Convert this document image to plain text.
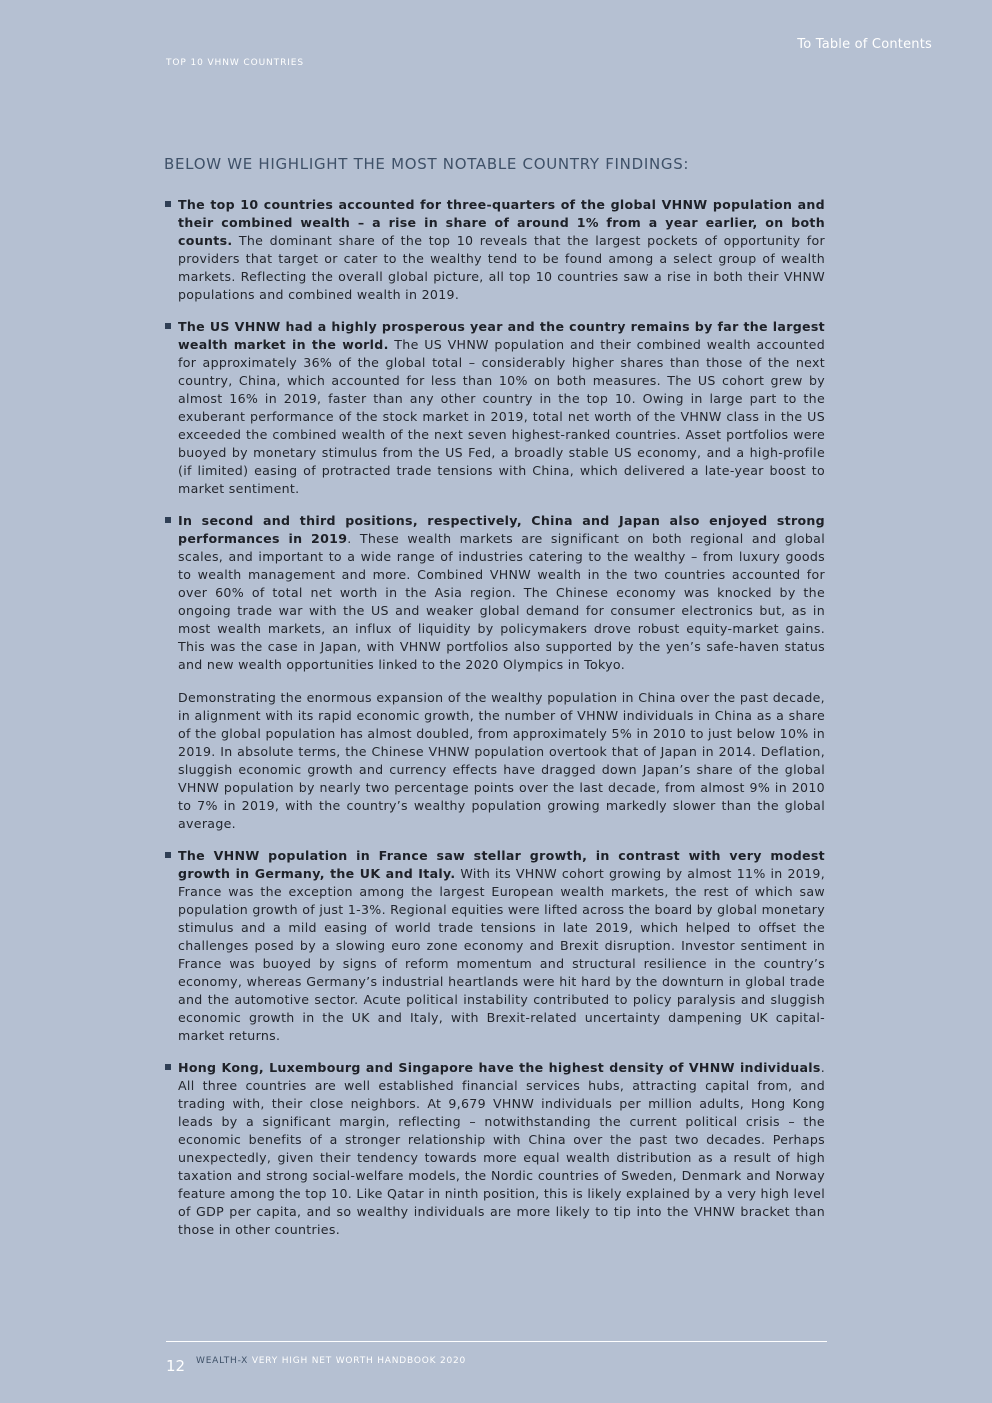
To Table of Contents
TOP 10 VHNW COUNTRIES
BELOW WE HIGHLIGHT THE MOST NOTABLE COUNTRY FINDINGS:

The top 10 countries accounted for three-quarters of the global VHNW population and their combined wealth – a rise in share of around 1% from a year earlier, on both counts. The dominant share of the top 10 reveals that the largest pockets of opportunity for providers that target or cater to the wealthy tend to be found among a select group of wealth markets. Reflecting the overall global picture, all top 10 countries saw a rise in both their VHNW populations and combined wealth in 2019.

The US VHNW had a highly prosperous year and the country remains by far the largest wealth market in the world. The US VHNW population and their combined wealth accounted for approximately 36% of the global total – considerably higher shares than those of the next country, China, which accounted for less than 10% on both measures. The US cohort grew by almost 16% in 2019, faster than any other country in the top 10. Owing in large part to the exuberant performance of the stock market in 2019, total net worth of the VHNW class in the US exceeded the combined wealth of the next seven highest-ranked countries. Asset portfolios were buoyed by monetary stimulus from the US Fed, a broadly stable US economy, and a high-profile (if limited) easing of protracted trade tensions with China, which delivered a late-year boost to market sentiment.

In second and third positions, respectively, China and Japan also enjoyed strong performances in 2019. These wealth markets are significant on both regional and global scales, and important to a wide range of industries catering to the wealthy – from luxury goods to wealth management and more. Combined VHNW wealth in the two countries accounted for over 60% of total net worth in the Asia region. The Chinese economy was knocked by the ongoing trade war with the US and weaker global demand for consumer electronics but, as in most wealth markets, an influx of liquidity by policymakers drove robust equity-market gains. This was the case in Japan, with VHNW portfolios also supported by the yen’s safe-haven status and new wealth opportunities linked to the 2020 Olympics in Tokyo.

Demonstrating the enormous expansion of the wealthy population in China over the past decade, in alignment with its rapid economic growth, the number of VHNW individuals in China as a share of the global population has almost doubled, from approximately 5% in 2010 to just below 10% in 2019. In absolute terms, the Chinese VHNW population overtook that of Japan in 2014. Deflation, sluggish economic growth and currency effects have dragged down Japan’s share of the global VHNW population by nearly two percentage points over the last decade, from almost 9% in 2010 to 7% in 2019, with the country’s wealthy population growing markedly slower than the global average.

The VHNW population in France saw stellar growth, in contrast with very modest growth in Germany, the UK and Italy. With its VHNW cohort growing by almost 11% in 2019, France was the exception among the largest European wealth markets, the rest of which saw population growth of just 1-3%. Regional equities were lifted across the board by global monetary stimulus and a mild easing of world trade tensions in late 2019, which helped to offset the challenges posed by a slowing euro zone economy and Brexit disruption. Investor sentiment in France was buoyed by signs of reform momentum and structural resilience in the country’s economy, whereas Germany’s industrial heartlands were hit hard by the downturn in global trade and the automotive sector. Acute political instability contributed to policy paralysis and sluggish economic growth in the UK and Italy, with Brexit-related uncertainty dampening UK capital-market returns.

Hong Kong, Luxembourg and Singapore have the highest density of VHNW individuals. All three countries are well established financial services hubs, attracting capital from, and trading with, their close neighbors. At 9,679 VHNW individuals per million adults, Hong Kong leads by a significant margin, reflecting – notwithstanding the current political crisis – the economic benefits of a stronger relationship with China over the past two decades. Perhaps unexpectedly, given their tendency towards more equal wealth distribution as a result of high taxation and strong social-welfare models, the Nordic countries of Sweden, Denmark and Norway feature among the top 10. Like Qatar in ninth position, this is likely explained by a very high level of GDP per capita, and so wealthy individuals are more likely to tip into the VHNW bracket than those in other countries.

12 WEALTH-X VERY HIGH NET WORTH HANDBOOK 2020
